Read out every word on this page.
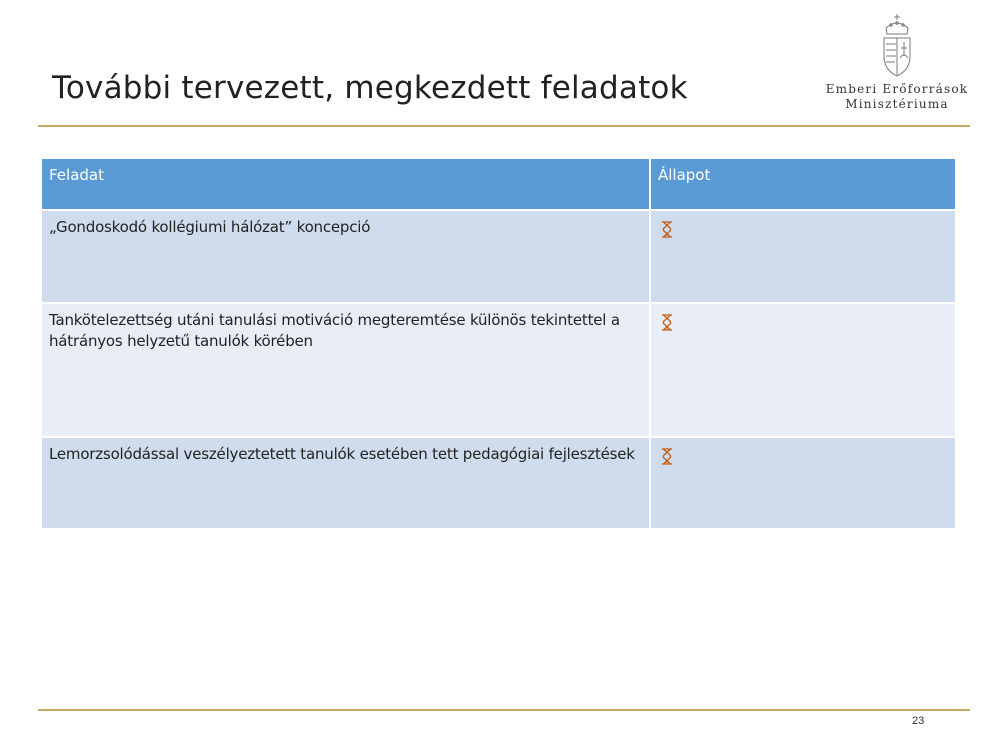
További tervezett, megkezdett feladatok	Emberi Erőforrások
Minisztériuma
Feladat	Állapot
„Gondoskodó kollégiumi hálózat” koncepció	
Tankötelezettség utáni tanulási motiváció megteremtése különös tekintettel a hátrányos helyzetű tanulók körében	
Lemorzsolódással veszélyeztetett tanulók esetében tett pedagógiai fejlesztések	
23
